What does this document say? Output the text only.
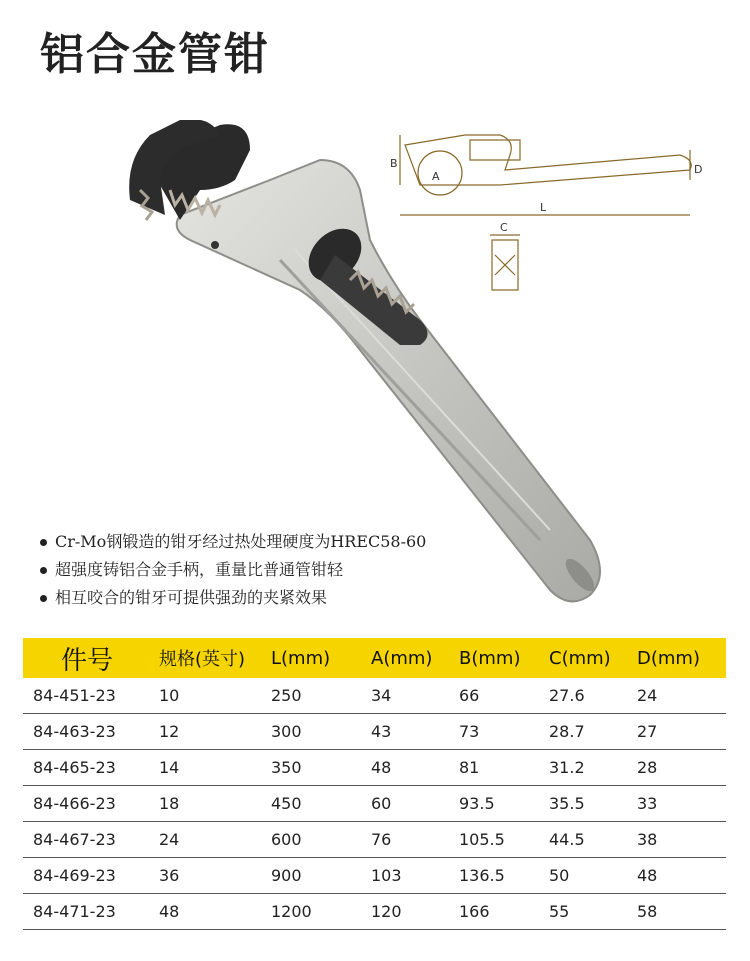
铝合金管钳
B
A
D
L
C
Cr-Mo钢锻造的钳牙经过热处理硬度为HREC58-60
超强度铸铝合金手柄，重量比普通管钳轻
相互咬合的钳牙可提供强劲的夹紧效果
件号	规格(英寸)	L(mm)	A(mm)	B(mm)	C(mm)	D(mm)
84-451-23	10	250	34	66	27.6	24
84-463-23	12	300	43	73	28.7	27
84-465-23	14	350	48	81	31.2	28
84-466-23	18	450	60	93.5	35.5	33
84-467-23	24	600	76	105.5	44.5	38
84-469-23	36	900	103	136.5	50	48
84-471-23	48	1200	120	166	55	58
